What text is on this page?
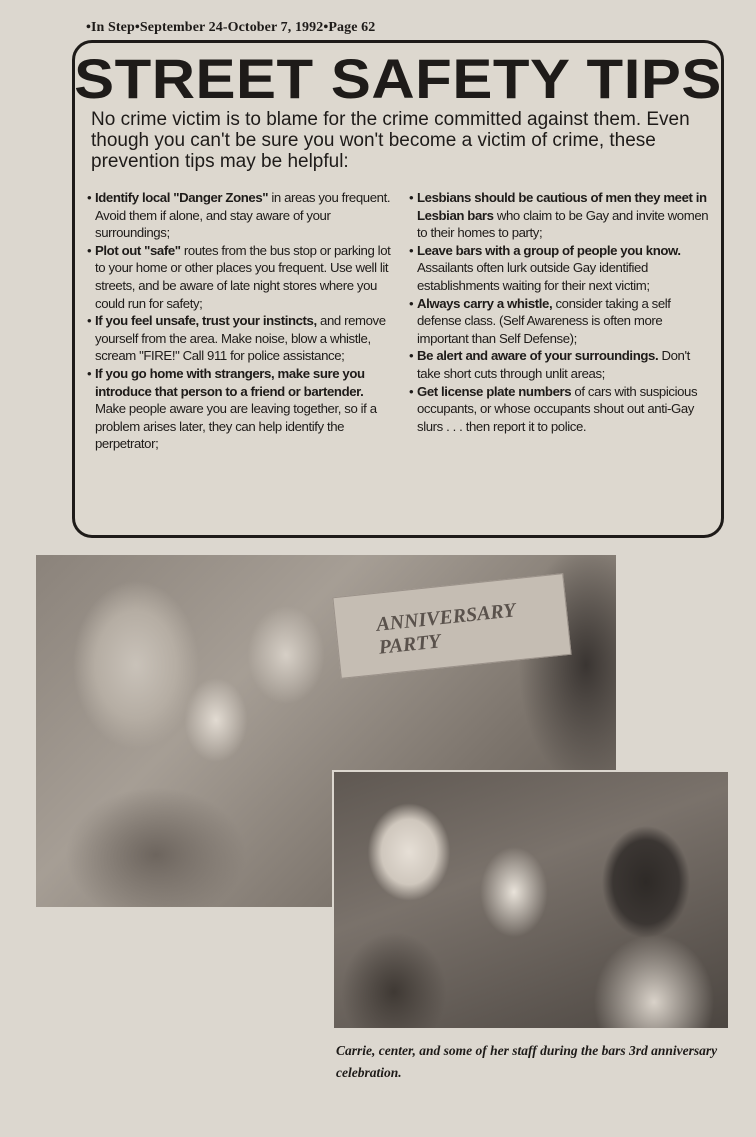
•In Step•September 24-October 7, 1992•Page 62
STREET SAFETY TIPS
No crime victim is to blame for the crime committed against them. Even though you can't be sure you won't become a victim of crime, these prevention tips may be helpful:

• Identify local "Danger Zones" in areas you frequent. Avoid them if alone, and stay aware of your surroundings;

• Plot out "safe" routes from the bus stop or parking lot to your home or other places you frequent. Use well lit streets, and be aware of late night stores where you could run for safety;

• If you feel unsafe, trust your instincts, and remove yourself from the area. Make noise, blow a whistle, scream "FIRE!" Call 911 for police assistance;

• If you go home with strangers, make sure you introduce that person to a friend or bartender. Make people aware you are leaving together, so if a problem arises later, they can help identify the perpetrator;

• Lesbians should be cautious of men they meet in Lesbian bars who claim to be Gay and invite women to their homes to party;

• Leave bars with a group of people you know. Assailants often lurk outside Gay identified establishments waiting for their next victim;

• Always carry a whistle, consider taking a self defense class. (Self Awareness is often more important than Self Defense);

• Be alert and aware of your surroundings. Don't take short cuts through unlit areas;

• Get license plate numbers of cars with suspicious occupants, or whose occupants shout out anti-Gay slurs . . . then report it to police.

ANNIVERSARY PARTY
Carrie, center, and some of her staff during the bars 3rd anniversary celebration.
